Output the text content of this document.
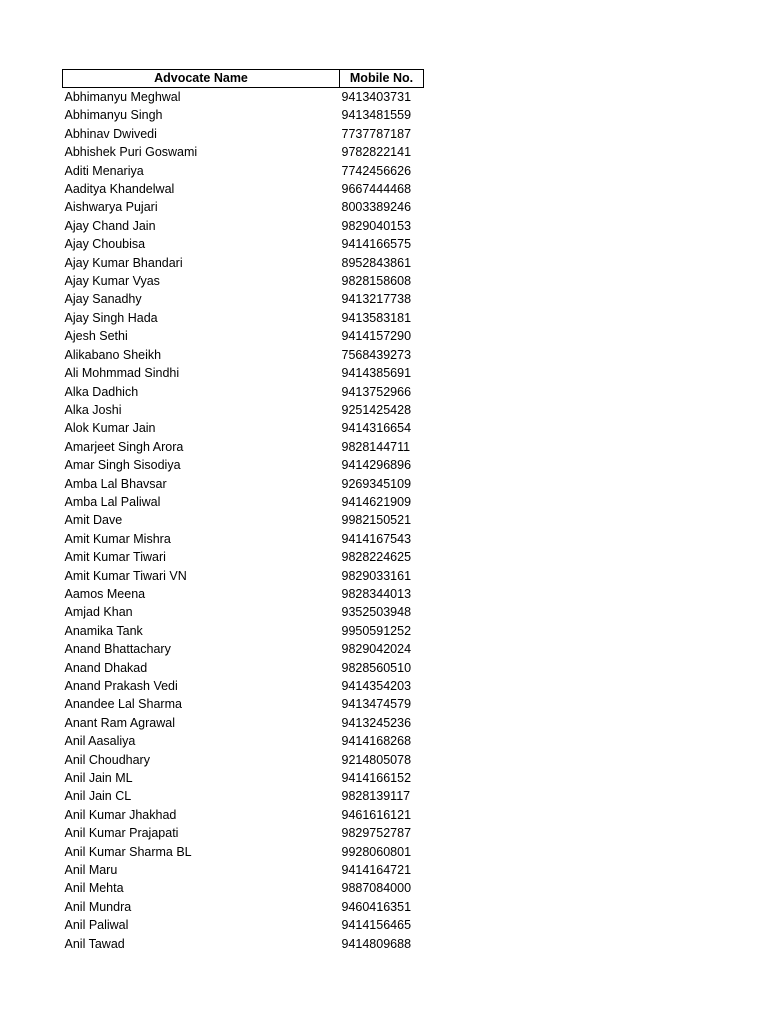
Advocate Name	Mobile No.
Abhimanyu Meghwal	9413403731
Abhimanyu Singh	9413481559
Abhinav Dwivedi	7737787187
Abhishek Puri Goswami	9782822141
Aditi Menariya	7742456626
Aaditya Khandelwal	9667444468
Aishwarya Pujari	8003389246
Ajay Chand Jain	9829040153
Ajay Choubisa	9414166575
Ajay Kumar Bhandari	8952843861
Ajay Kumar Vyas	9828158608
Ajay Sanadhy	9413217738
Ajay Singh Hada	9413583181
Ajesh Sethi	9414157290
Alikabano Sheikh	7568439273
Ali Mohmmad Sindhi	9414385691
Alka Dadhich	9413752966
Alka Joshi	9251425428
Alok Kumar Jain	9414316654
Amarjeet Singh Arora	9828144711
Amar Singh Sisodiya	9414296896
Amba Lal Bhavsar	9269345109
Amba Lal Paliwal	9414621909
Amit Dave	9982150521
Amit Kumar Mishra	9414167543
Amit Kumar Tiwari	9828224625
Amit Kumar Tiwari VN	9829033161
Aamos Meena	9828344013
Amjad Khan	9352503948
Anamika Tank	9950591252
Anand Bhattachary	9829042024
Anand Dhakad	9828560510
Anand Prakash Vedi	9414354203
Anandee Lal Sharma	9413474579
Anant Ram Agrawal	9413245236
Anil Aasaliya	9414168268
Anil Choudhary	9214805078
Anil Jain ML	9414166152
Anil Jain CL	9828139117
Anil Kumar Jhakhad	9461616121
Anil Kumar Prajapati	9829752787
Anil Kumar Sharma BL	9928060801
Anil Maru	9414164721
Anil Mehta	9887084000
Anil Mundra	9460416351
Anil Paliwal	9414156465
Anil Tawad	9414809688
